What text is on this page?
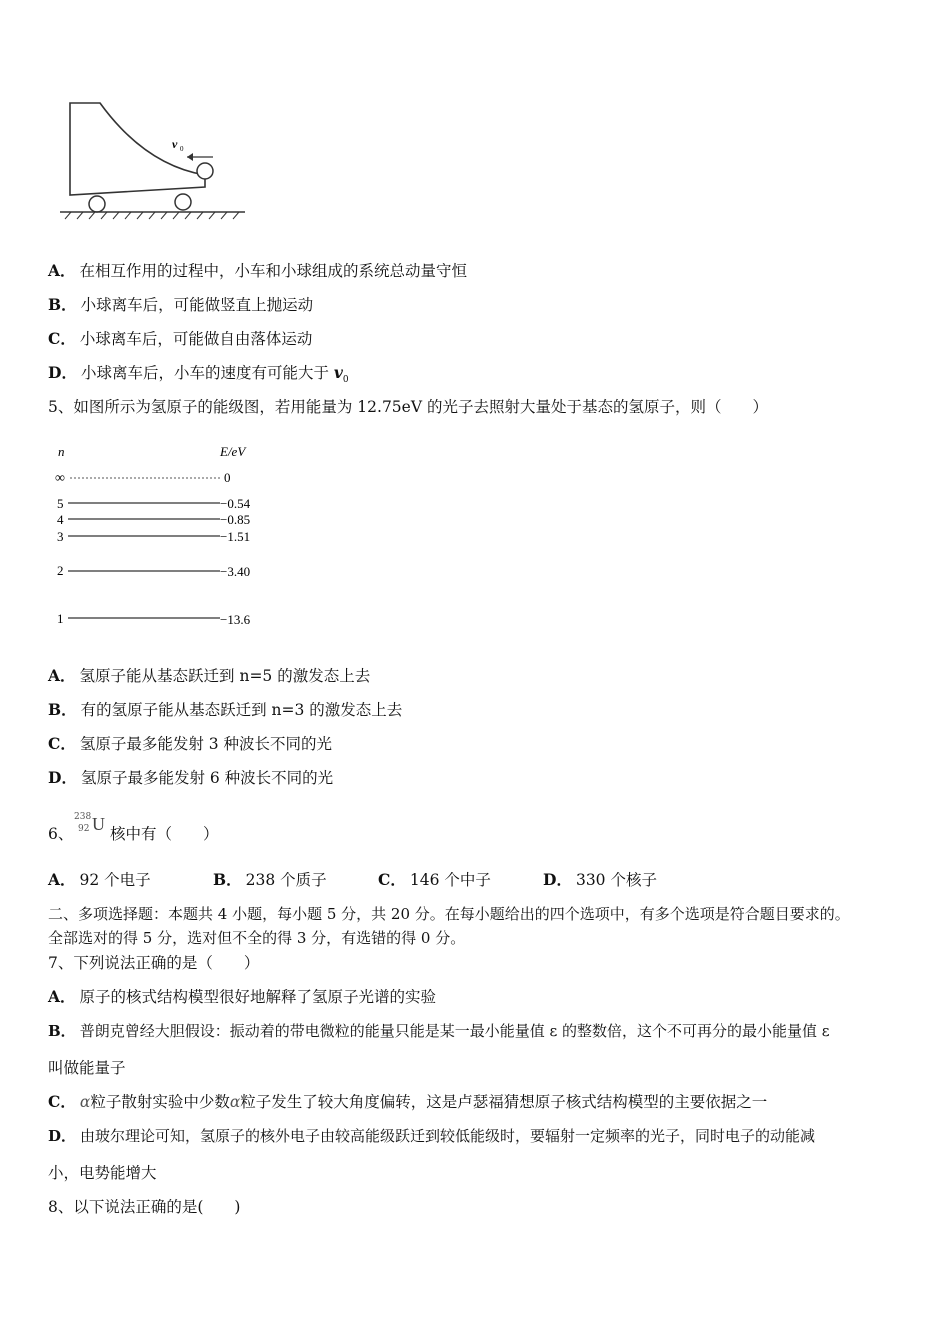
v 0
A． 在相互作用的过程中，小车和小球组成的系统总动量守恒
B． 小球离车后，可能做竖直上抛运动
C． 小球离车后，可能做自由落体运动
D． 小球离车后，小车的速度有可能大于 $v_0$
5、如图所示为氢原子的能级图，若用能量为 12.75eV 的光子去照射大量处于基态的氢原子，则（　　）
n	E/eV
∞	0
5	−0.54
4	−0.85
3	−1.51
2	−3.40
1	−13.6
A． 氢原子能从基态跃迁到 n=5 的激发态上去
B． 有的氢原子能从基态跃迁到 n=3 的激发态上去
C． 氢原子最多能发射 3 种波长不同的光
D． 氢原子最多能发射 6 种波长不同的光
6、
238
92 U 核中有（　　）
A． 92 个电子	B． 238 个质子	C． 146 个中子	D． 330 个核子
二、多项选择题：本题共 4 小题，每小题 5 分，共 20 分。在每小题给出的四个选项中，有多个选项是符合题目要求的。
全部选对的得 5 分，选对但不全的得 3 分，有选错的得 0 分。
7、下列说法正确的是（　　）
A． 原子的核式结构模型很好地解释了氢原子光谱的实验
B． 普朗克曾经大胆假设：振动着的带电微粒的能量只能是某一最小能量值 ε 的整数倍，这个不可再分的最小能量值 ε
叫做能量子
C． α粒子散射实验中少数α粒子发生了较大角度偏转，这是卢瑟福猜想原子核式结构模型的主要依据之一
D． 由玻尔理论可知，氢原子的核外电子由较高能级跃迁到较低能级时，要辐射一定频率的光子，同时电子的动能减
小，电势能增大
8、以下说法正确的是(　　)
